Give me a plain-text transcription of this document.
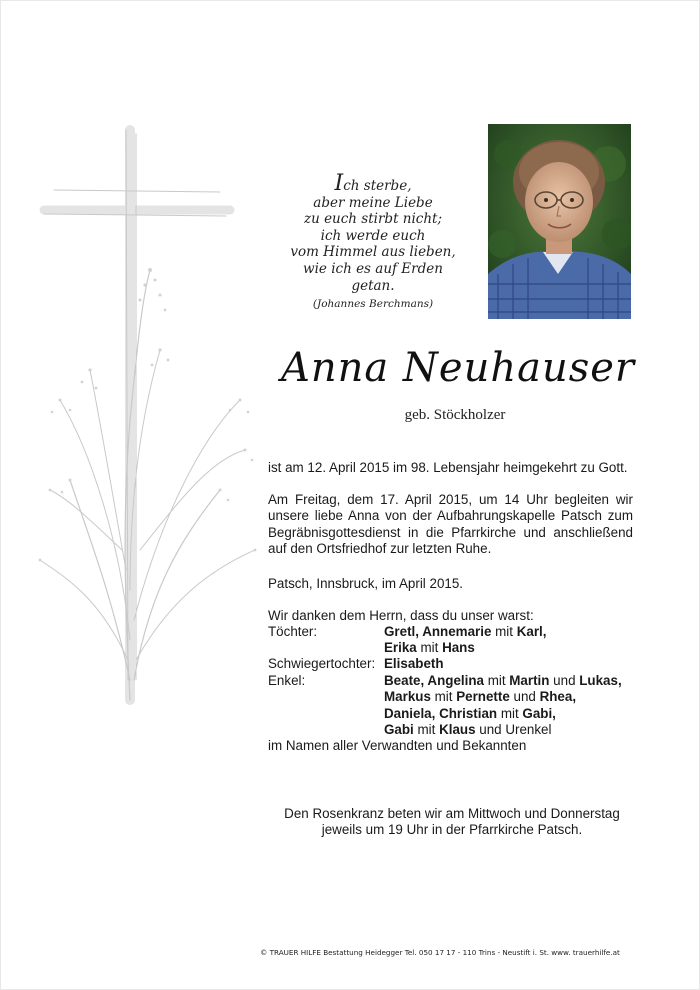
Ich sterbe,
aber meine Liebe
zu euch stirbt nicht;
ich werde euch
vom Himmel aus lieben,
wie ich es auf Erden getan.
(Johannes Berchmans)
Anna Neuhauser
geb. Stöckholzer
ist am 12. April 2015 im 98. Lebensjahr heimgekehrt zu Gott.
Am Freitag, dem 17. April 2015, um 14 Uhr begleiten wir unsere liebe Anna von der Aufbahrungskapelle Patsch zum Begräbnisgottesdienst in die Pfarrkirche und anschließend auf den Ortsfriedhof zur letzten Ruhe.
Patsch, Innsbruck, im April 2015.
Wir danken dem Herrn, dass du unser warst:
Töchter:	Gretl, Annemarie mit Karl,
Erika mit Hans
Schwiegertochter: Elisabeth
Enkel:	Beate, Angelina mit Martin und Lukas,
Markus mit Pernette und Rhea,
Daniela, Christian mit Gabi,
Gabi mit Klaus und Urenkel
im Namen aller Verwandten und Bekannten
Den Rosenkranz beten wir am Mittwoch und Donnerstag
jeweils um 19 Uhr in der Pfarrkirche Patsch.
© TRAUER HILFE Bestattung Heidegger Tel. 050 17 17 - 110 Trins - Neustift i. St. www. trauerhilfe.at
